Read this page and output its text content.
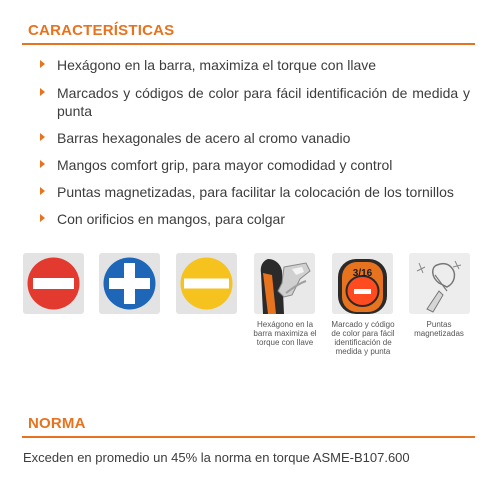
CARACTERÍSTICAS
Hexágono en la barra, maximiza el torque con llave
Marcados y códigos de color para fácil identificación de medida y punta
Barras hexagonales de acero al cromo vanadio
Mangos comfort grip, para mayor comodidad y control
Puntas magnetizadas, para facilitar la colocación de los tornillos
Con orificios en mangos, para colgar
Hexágono en la barra maximiza el torque con llave
3/16
Marcado y código de color para fácil identificación de medida y punta
Puntas magnetizadas
NORMA
Exceden en promedio un 45% la norma en torque ASME-B107.600
